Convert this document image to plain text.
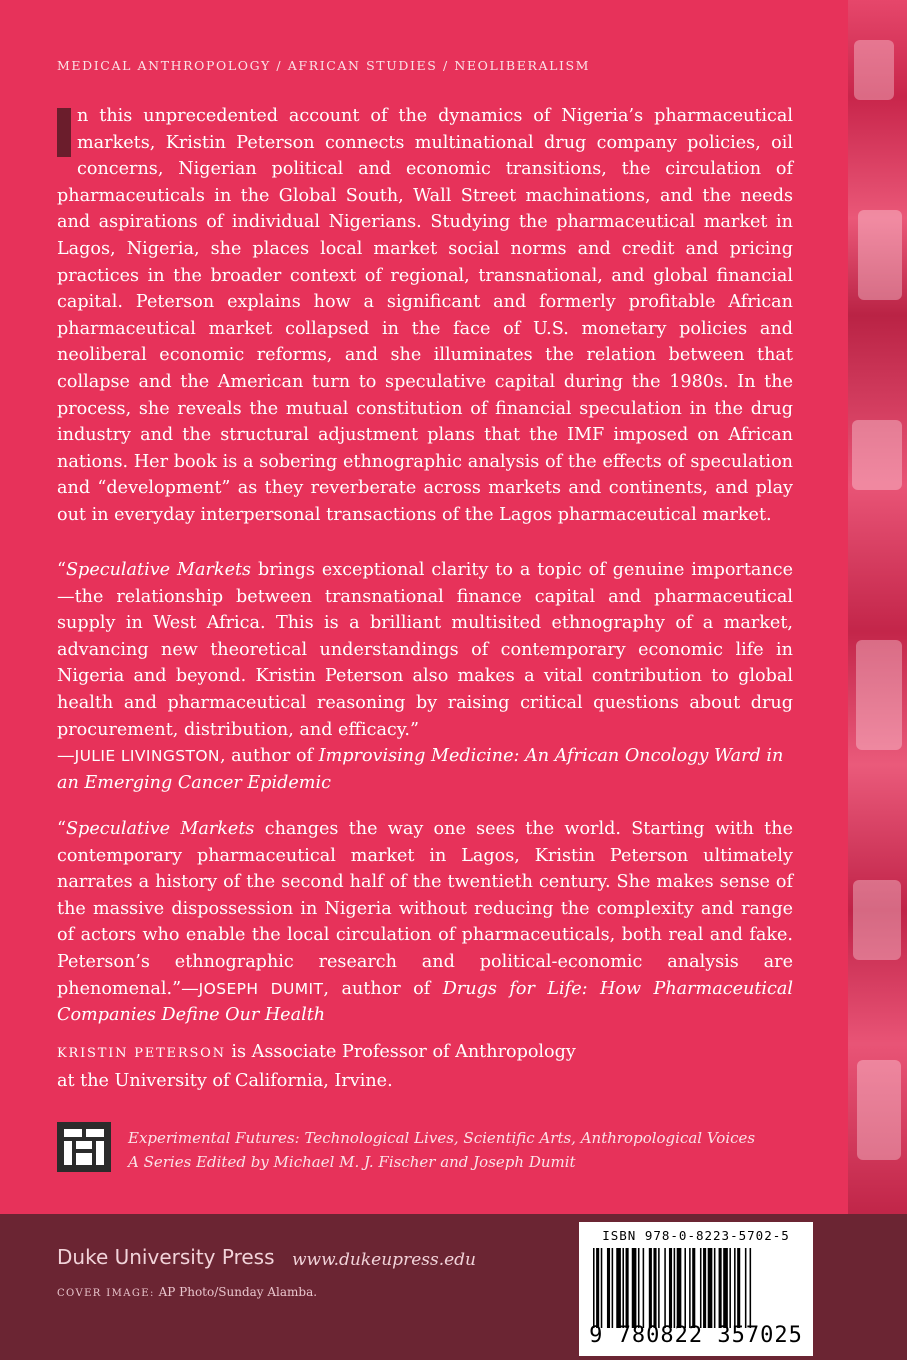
MEDICAL ANTHROPOLOGY / AFRICAN STUDIES / NEOLIBERALISM

n this unprecedented account of the dynamics of Nigeria’s pharmaceutical markets, Kristin Peterson connects multinational drug company policies, oil concerns, Nigerian political and economic transitions, the circulation of pharmaceuticals in the Global South, Wall Street machinations, and the needs and aspirations of individual Nigerians. Studying the pharmaceutical market in Lagos, Nigeria, she places local market social norms and credit and pricing practices in the broader context of regional, transnational, and global financial capital. Peterson explains how a significant and formerly profitable African pharmaceutical market collapsed in the face of U.S. monetary policies and neoliberal economic reforms, and she illuminates the relation between that collapse and the American turn to speculative capital during the 1980s. In the process, she reveals the mutual constitution of financial speculation in the drug industry and the structural adjustment plans that the IMF imposed on African nations. Her book is a sobering ethnographic analysis of the effects of speculation and “development” as they reverberate across markets and continents, and play out in everyday interpersonal transactions of the Lagos pharmaceutical market.

“Speculative Markets brings exceptional clarity to a topic of genuine importance—the relationship between transnational finance capital and pharmaceutical supply in West Africa. This is a brilliant multisited ethnography of a market, advancing new theoretical understandings of contemporary economic life in Nigeria and beyond. Kristin Peterson also makes a vital contribution to global health and pharmaceutical reasoning by raising critical questions about drug procurement, distribution, and efficacy.”
—JULIE LIVINGSTON, author of Improvising Medicine: An African Oncology Ward in an Emerging Cancer Epidemic
“Speculative Markets changes the way one sees the world. Starting with the contemporary pharmaceutical market in Lagos, Kristin Peterson ultimately narrates a history of the second half of the twentieth century. She makes sense of the massive dispossession in Nigeria without reducing the complexity and range of actors who enable the local circulation of pharmaceuticals, both real and fake. Peterson’s ethnographic research and political-economic analysis are phenomenal.”—JOSEPH DUMIT, author of Drugs for Life: How Pharmaceutical Companies Define Our Health
KRISTIN PETERSON is Associate Professor of Anthropology
at the University of California, Irvine.
Experimental Futures: Technological Lives, Scientific Arts, Anthropological Voices
A Series Edited by Michael M. J. Fischer and Joseph Dumit
Duke University Press www.dukeupress.edu
COVER IMAGE: AP Photo/Sunday Alamba.
ISBN 978-0-8223-5702-5
9 780822 357025
